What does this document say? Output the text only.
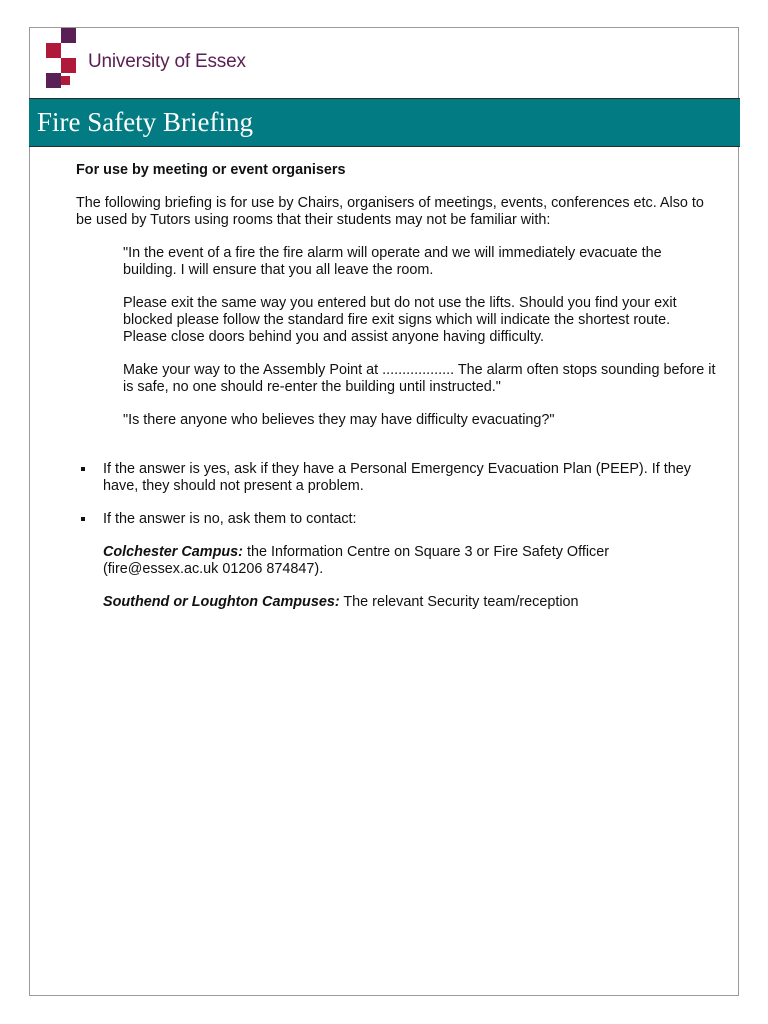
University of Essex
Fire Safety Briefing

For use by meeting or event organisers

The following briefing is for use by Chairs, organisers of meetings, events, conferences etc. Also to be used by Tutors using rooms that their students may not be familiar with:

"In the event of a fire the fire alarm will operate and we will immediately evacuate the building. I will ensure that you all leave the room.

Please exit the same way you entered but do not use the lifts. Should you find your exit blocked please follow the standard fire exit signs which will indicate the shortest route. Please close doors behind you and assist anyone having difficulty.

Make your way to the Assembly Point at .................. The alarm often stops sounding before it is safe, no one should re-enter the building until instructed."

"Is there anyone who believes they may have difficulty evacuating?"

If the answer is yes, ask if they have a Personal Emergency Evacuation Plan (PEEP). If they have, they should not present a problem.

If the answer is no, ask them to contact:

Colchester Campus: the Information Centre on Square 3 or Fire Safety Officer (fire@essex.ac.uk 01206 874847).

Southend or Loughton Campuses: The relevant Security team/reception
